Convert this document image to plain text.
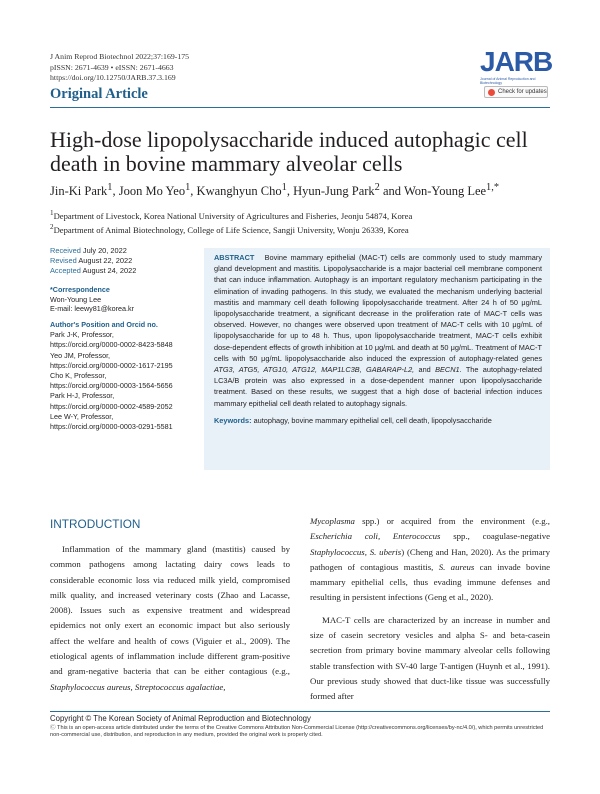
J Anim Reprod Biotechnol 2022;37:169-175
pISSN: 2671-4639 • eISSN: 2671-4663
https://doi.org/10.12750/JARB.37.3.169
JARB
Journal of Animal Reproduction and Biotechnology
Check for updates
Original Article
High-dose lipopolysaccharide induced autophagic cell death in bovine mammary alveolar cells
Jin-Ki Park$^1$, Joon Mo Yeo$^1$, Kwanghyun Cho$^1$, Hyun-Jung Park$^2$ and Won-Young Lee$^{1,*}$
$^1$Department of Livestock, Korea National University of Agricultures and Fisheries, Jeonju 54874, Korea
$^2$Department of Animal Biotechnology, College of Life Science, Sangji University, Wonju 26339, Korea
Received July 20, 2022
Revised August 22, 2022
Accepted August 24, 2022
*Correspondence
Won-Young Lee
E-mail: leewy81@korea.kr
Author's Position and Orcid no.
Park J-K, Professor,
https://orcid.org/0000-0002-8423-5848
Yeo JM, Professor,
https://orcid.org/0000-0002-1617-2195
Cho K, Professor,
https://orcid.org/0000-0003-1564-5656
Park H-J, Professor,
https://orcid.org/0000-0002-4589-2052
Lee W-Y, Professor,
https://orcid.org/0000-0003-0291-5581
ABSTRACT Bovine mammary epithelial (MAC-T) cells are commonly used to study mammary gland development and mastitis. Lipopolysaccharide is a major bacterial cell membrane component that can induce inflammation. Autophagy is an important regulatory mechanism participating in the elimination of invading pathogens. In this study, we evaluated the mechanism underlying bacterial mastitis and mammary cell death following lipopolysaccharide treatment. After 24 h of 50 μg/mL lipopolysaccharide treatment, a significant decrease in the proliferation rate of MAC-T cells was observed. However, no changes were observed upon treatment of MAC-T cells with 10 μg/mL of lipopolysaccharide for up to 48 h. Thus, upon lipopolysaccharide treatment, MAC-T cells exhibit dose-dependent effects of growth inhibition at 10 μg/mL and death at 50 μg/mL. Treatment of MAC-T cells with 50 μg/mL lipopolysaccharide also induced the expression of autophagy-related genes ATG3, ATG5, ATG10, ATG12, MAP1LC3B, GABARAP-L2, and BECN1. The autophagy-related LC3A/B protein was also expressed in a dose-dependent manner upon lipopolysaccharide treatment. Based on these results, we suggest that a high dose of bacterial infection induces mammary epithelial cell death related to autophagy signals.
Keywords: autophagy, bovine mammary epithelial cell, cell death, lipopolysaccharide
INTRODUCTION
Inflammation of the mammary gland (mastitis) caused by common pathogens among lactating dairy cows leads to considerable economic loss via reduced milk yield, compromised milk quality, and increased veterinary costs (Zhao and Lacasse, 2008). Issues such as expensive treatment and widespread epidemics not only exert an economic impact but also seriously affect the welfare and health of cows (Viguier et al., 2009). The etiological agents of inflammation include different gram-positive and gram-negative bacteria that can be either contagious (e.g., Staphylococcus aureus, Streptococcus agalactiae,

Mycoplasma spp.) or acquired from the environment (e.g., Escherichia coli, Enterococcus spp., coagulase-negative Staphylococcus, S. uberis) (Cheng and Han, 2020). As the primary pathogen of contagious mastitis, S. aureus can invade bovine mammary epithelial cells, thus evading immune defenses and resulting in persistent infections (Geng et al., 2020).

MAC-T cells are characterized by an increase in number and size of casein secretory vesicles and alpha S- and beta-casein secretion from primary bovine mammary alveolar cells following stable transfection with SV-40 large T-antigen (Huynh et al., 1991). Our previous study showed that duct-like tissue was successfully formed after

Copyright © The Korean Society of Animal Reproduction and Biotechnology
Ⓒ This is an open-access article distributed under the terms of the Creative Commons Attribution Non-Commercial License (http://creativecommons.org/licenses/by-nc/4.0/), which permits unrestricted non-commercial use, distribution, and reproduction in any medium, provided the original work is properly cited.
